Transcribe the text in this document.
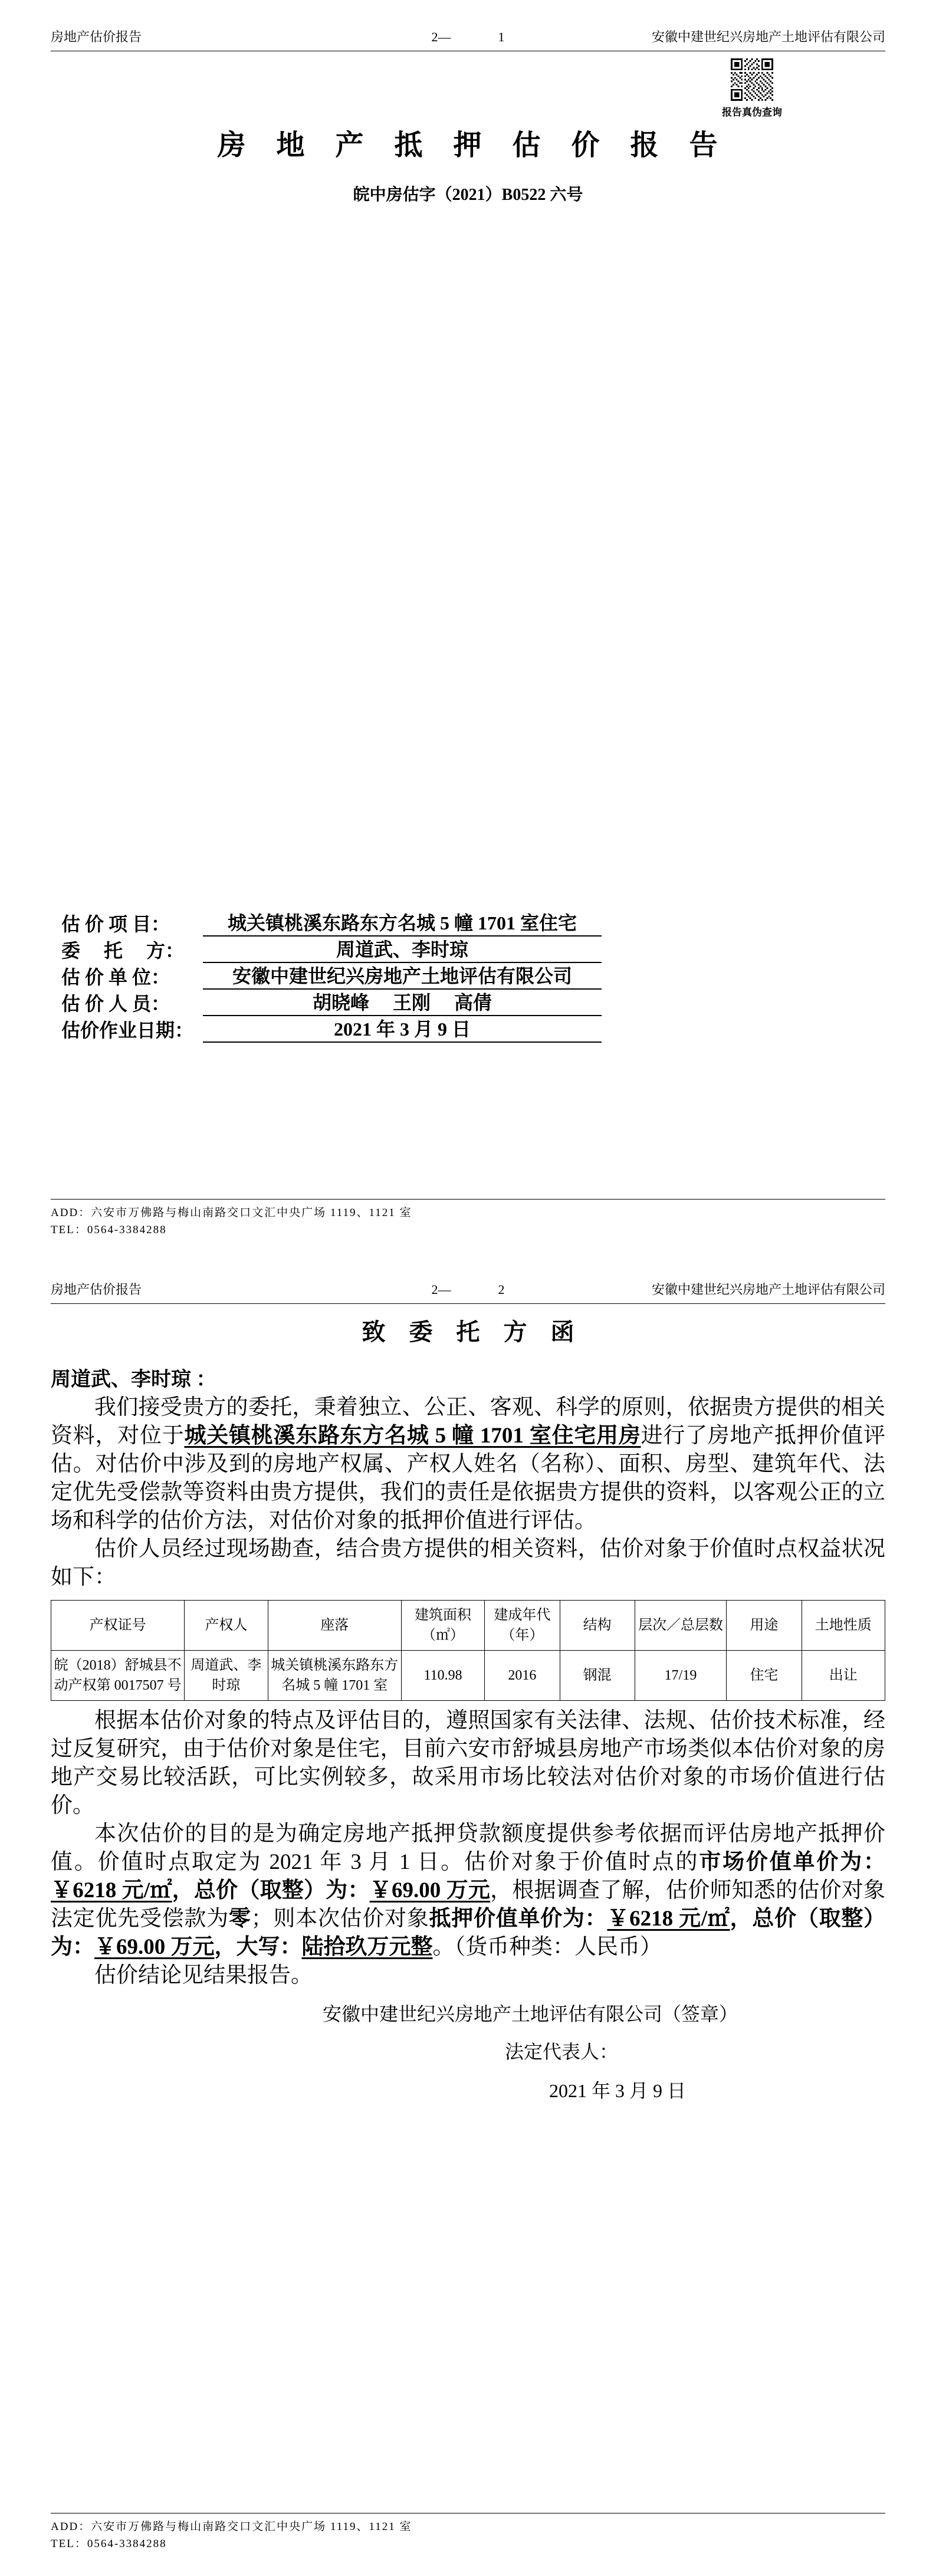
房地产估价报告	2—	1	安徽中建世纪兴房地产土地评估有限公司
报告真伪查询
房　地　产　抵　押　估　价　报　告
皖中房估字（2021）B0522 六号
估 价 项 目：	城关镇桃溪东路东方名城 5 幢 1701 室住宅
委　 托　 方：	周道武、李时琼
估 价 单 位：	安徽中建世纪兴房地产土地评估有限公司
估 价 人 员：	胡晓峰　 王刚　 高倩
估价作业日期：	2021 年 3 月 9 日
ADD：六安市万佛路与梅山南路交口文汇中央广场 1119、1121 室
TEL：0564-3384288
房地产估价报告	2—	2	安徽中建世纪兴房地产土地评估有限公司
致　委　托　方　函
周道武、李时琼 ：

我们接受贵方的委托，秉着独立、公正、客观、科学的原则，依据贵方提供的相关资料，对位于城关镇桃溪东路东方名城 5 幢 1701 室住宅用房进行了房地产抵押价值评估。对估价中涉及到的房地产权属、产权人姓名（名称）、面积、房型、建筑年代、法定优先受偿款等资料由贵方提供，我们的责任是依据贵方提供的资料，以客观公正的立场和科学的估价方法，对估价对象的抵押价值进行评估。

估价人员经过现场勘查，结合贵方提供的相关资料，估价对象于价值时点权益状况如下：

产权证号	产权人	座落	建筑面积（㎡）	建成年代（年）	结构	层次／总层数	用途	土地性质
皖（2018）舒城县不动产权第 0017507 号	周道武、李时琼	城关镇桃溪东路东方名城 5 幢 1701 室	110.98	2016	钢混	17/19	住宅	出让

根据本估价对象的特点及评估目的，遵照国家有关法律、法规、估价技术标准，经过反复研究，由于估价对象是住宅，目前六安市舒城县房地产市场类似本估价对象的房地产交易比较活跃，可比实例较多，故采用市场比较法对估价对象的市场价值进行估价。

本次估价的目的是为确定房地产抵押贷款额度提供参考依据而评估房地产抵押价值。价值时点取定为 2021 年 3 月 1 日。估价对象于价值时点的市场价值单价为：￥6218 元/㎡，总价（取整）为：￥69.00 万元，根据调查了解，估价师知悉的估价对象法定优先受偿款为零；则本次估价对象抵押价值单价为：￥6218 元/㎡，总价（取整）为：￥69.00 万元，大写：陆拾玖万元整。（货币种类：人民币）

估价结论见结果报告。

安徽中建世纪兴房地产土地评估有限公司（签章）
法定代表人：
2021 年 3 月 9 日
ADD：六安市万佛路与梅山南路交口文汇中央广场 1119、1121 室
TEL：0564-3384288
